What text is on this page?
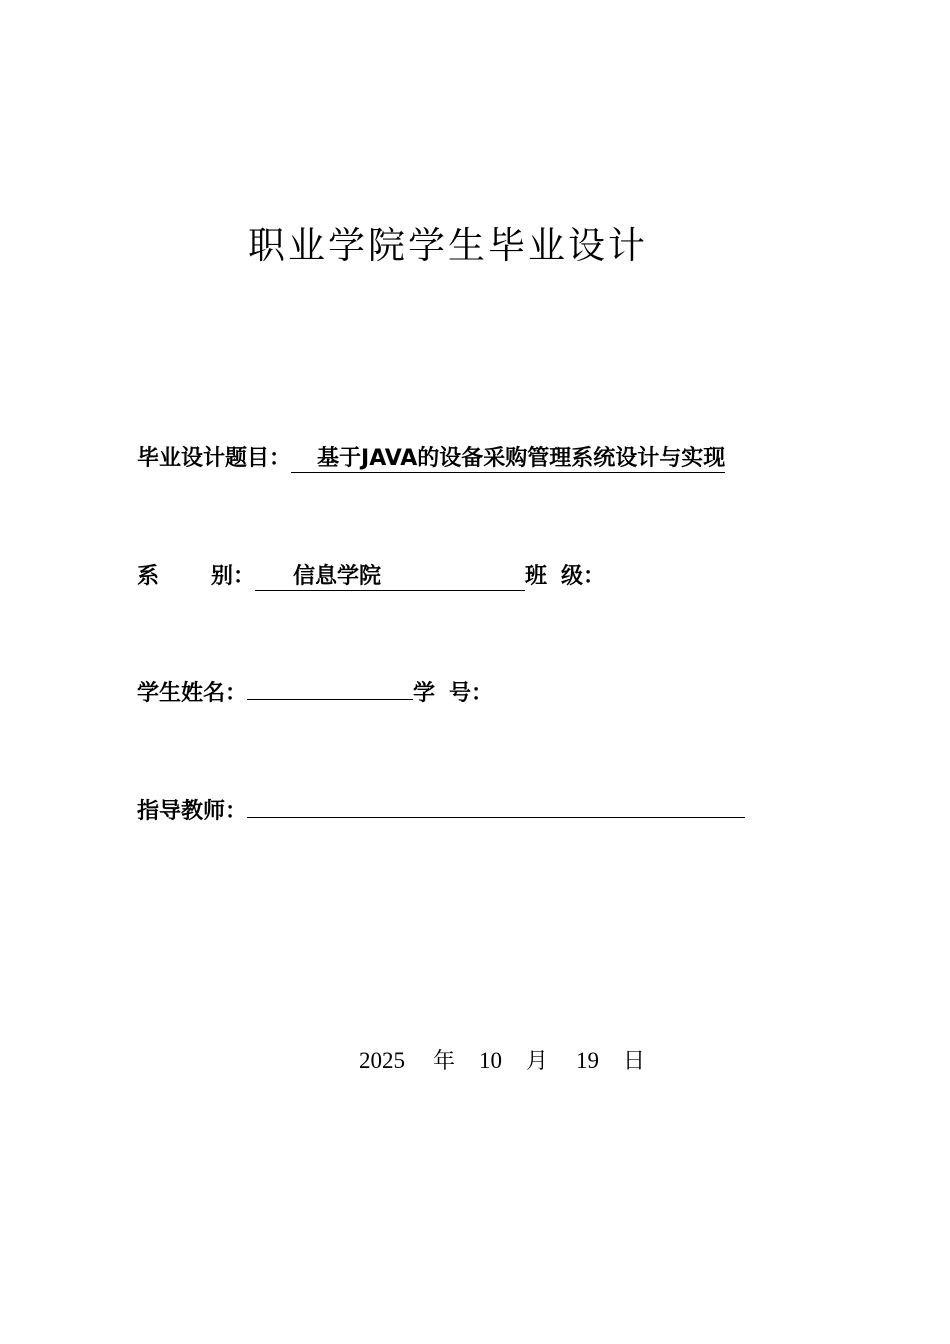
职业学院学生毕业设计
毕业设计题目： 基于JAVA的设备采购管理系统设计与实现
系 别： 信息学院	班 级：
学生姓名：	学 号：
指导教师：
2025 年 10 月 19 日
